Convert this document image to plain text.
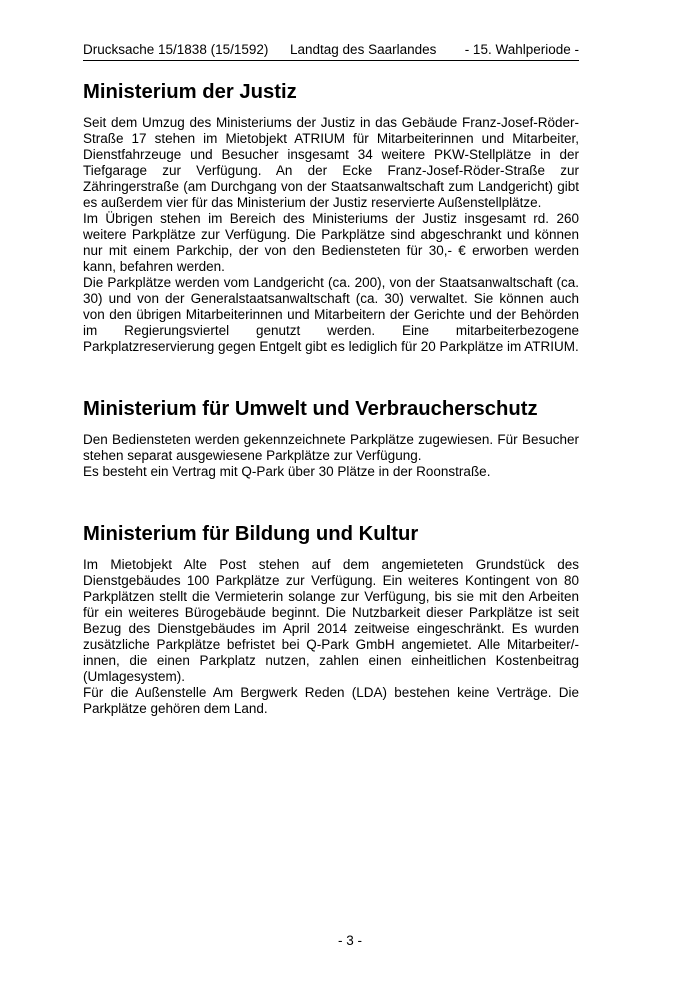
Drucksache 15/1838 (15/1592) Landtag des Saarlandes - 15. Wahlperiode -
Ministerium der Justiz

Seit dem Umzug des Ministeriums der Justiz in das Gebäude Franz-Josef-Röder-Straße 17 stehen im Mietobjekt ATRIUM für Mitarbeiterinnen und Mitarbeiter, Dienstfahrzeuge und Besucher insgesamt 34 weitere PKW-Stellplätze in der Tiefgarage zur Verfügung. An der Ecke Franz-Josef-Röder-Straße zur Zähringerstraße (am Durchgang von der Staatsanwaltschaft zum Landgericht) gibt es außerdem vier für das Ministerium der Justiz reservierte Außenstellplätze.

Im Übrigen stehen im Bereich des Ministeriums der Justiz insgesamt rd. 260 weitere Parkplätze zur Verfügung. Die Parkplätze sind abgeschrankt und können nur mit einem Parkchip, der von den Bediensteten für 30,- € erworben werden kann, befahren werden.

Die Parkplätze werden vom Landgericht (ca. 200), von der Staatsanwaltschaft (ca. 30) und von der Generalstaatsanwaltschaft (ca. 30) verwaltet. Sie können auch von den übrigen Mitarbeiterinnen und Mitarbeitern der Gerichte und der Behörden im Regierungsviertel genutzt werden. Eine mitarbeiterbezogene Parkplatzreservierung gegen Entgelt gibt es lediglich für 20 Parkplätze im ATRIUM.

Ministerium für Umwelt und Verbraucherschutz

Den Bediensteten werden gekennzeichnete Parkplätze zugewiesen. Für Besucher stehen separat ausgewiesene Parkplätze zur Verfügung.

Es besteht ein Vertrag mit Q-Park über 30 Plätze in der Roonstraße.

Ministerium für Bildung und Kultur

Im Mietobjekt Alte Post stehen auf dem angemieteten Grundstück des Dienstgebäudes 100 Parkplätze zur Verfügung. Ein weiteres Kontingent von 80 Parkplätzen stellt die Vermieterin solange zur Verfügung, bis sie mit den Arbeiten für ein weiteres Bürogebäude beginnt. Die Nutzbarkeit dieser Parkplätze ist seit Bezug des Dienstgebäudes im April 2014 zeitweise eingeschränkt. Es wurden zusätzliche Parkplätze befristet bei Q-Park GmbH angemietet. Alle Mitarbeiter/-innen, die einen Parkplatz nutzen, zahlen einen einheitlichen Kostenbeitrag (Umlagesystem).

Für die Außenstelle Am Bergwerk Reden (LDA) bestehen keine Verträge. Die Parkplätze gehören dem Land.

- 3 -
